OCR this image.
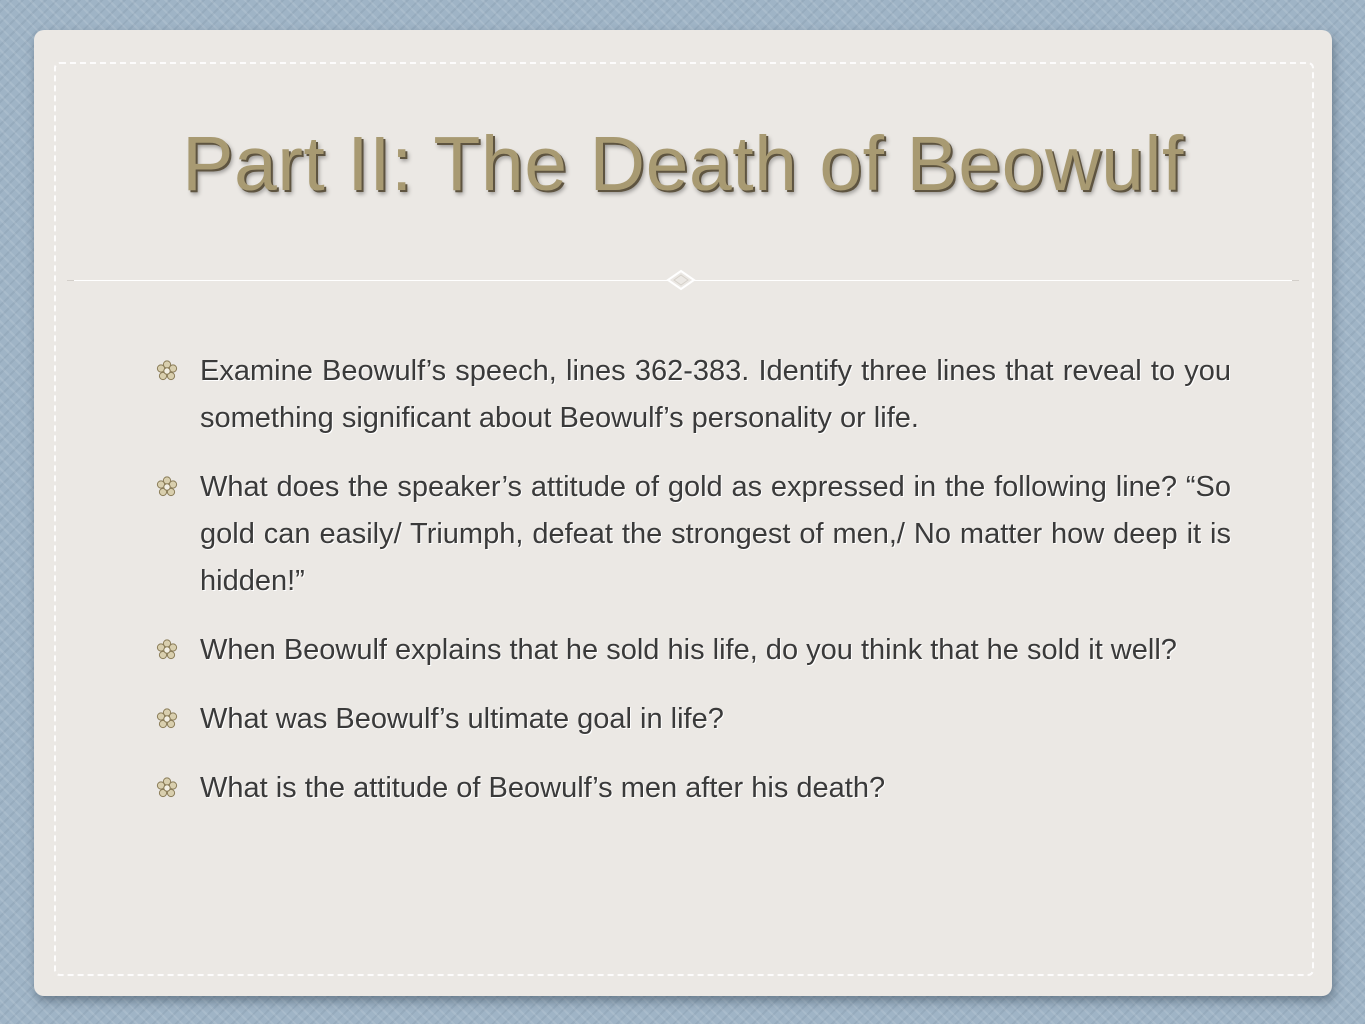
Part II: The Death of Beowulf
Examine Beowulf’s speech, lines 362-383. Identify three lines that reveal to you something significant about Beowulf’s personality or life.
What does the speaker’s attitude of gold as expressed in the following line? “So gold can easily/ Triumph, defeat the strongest of men,/ No matter how deep it is hidden!”
When Beowulf explains that he sold his life, do you think that he sold it well?
What was Beowulf’s ultimate goal in life?
What is the attitude of Beowulf’s men after his death?
